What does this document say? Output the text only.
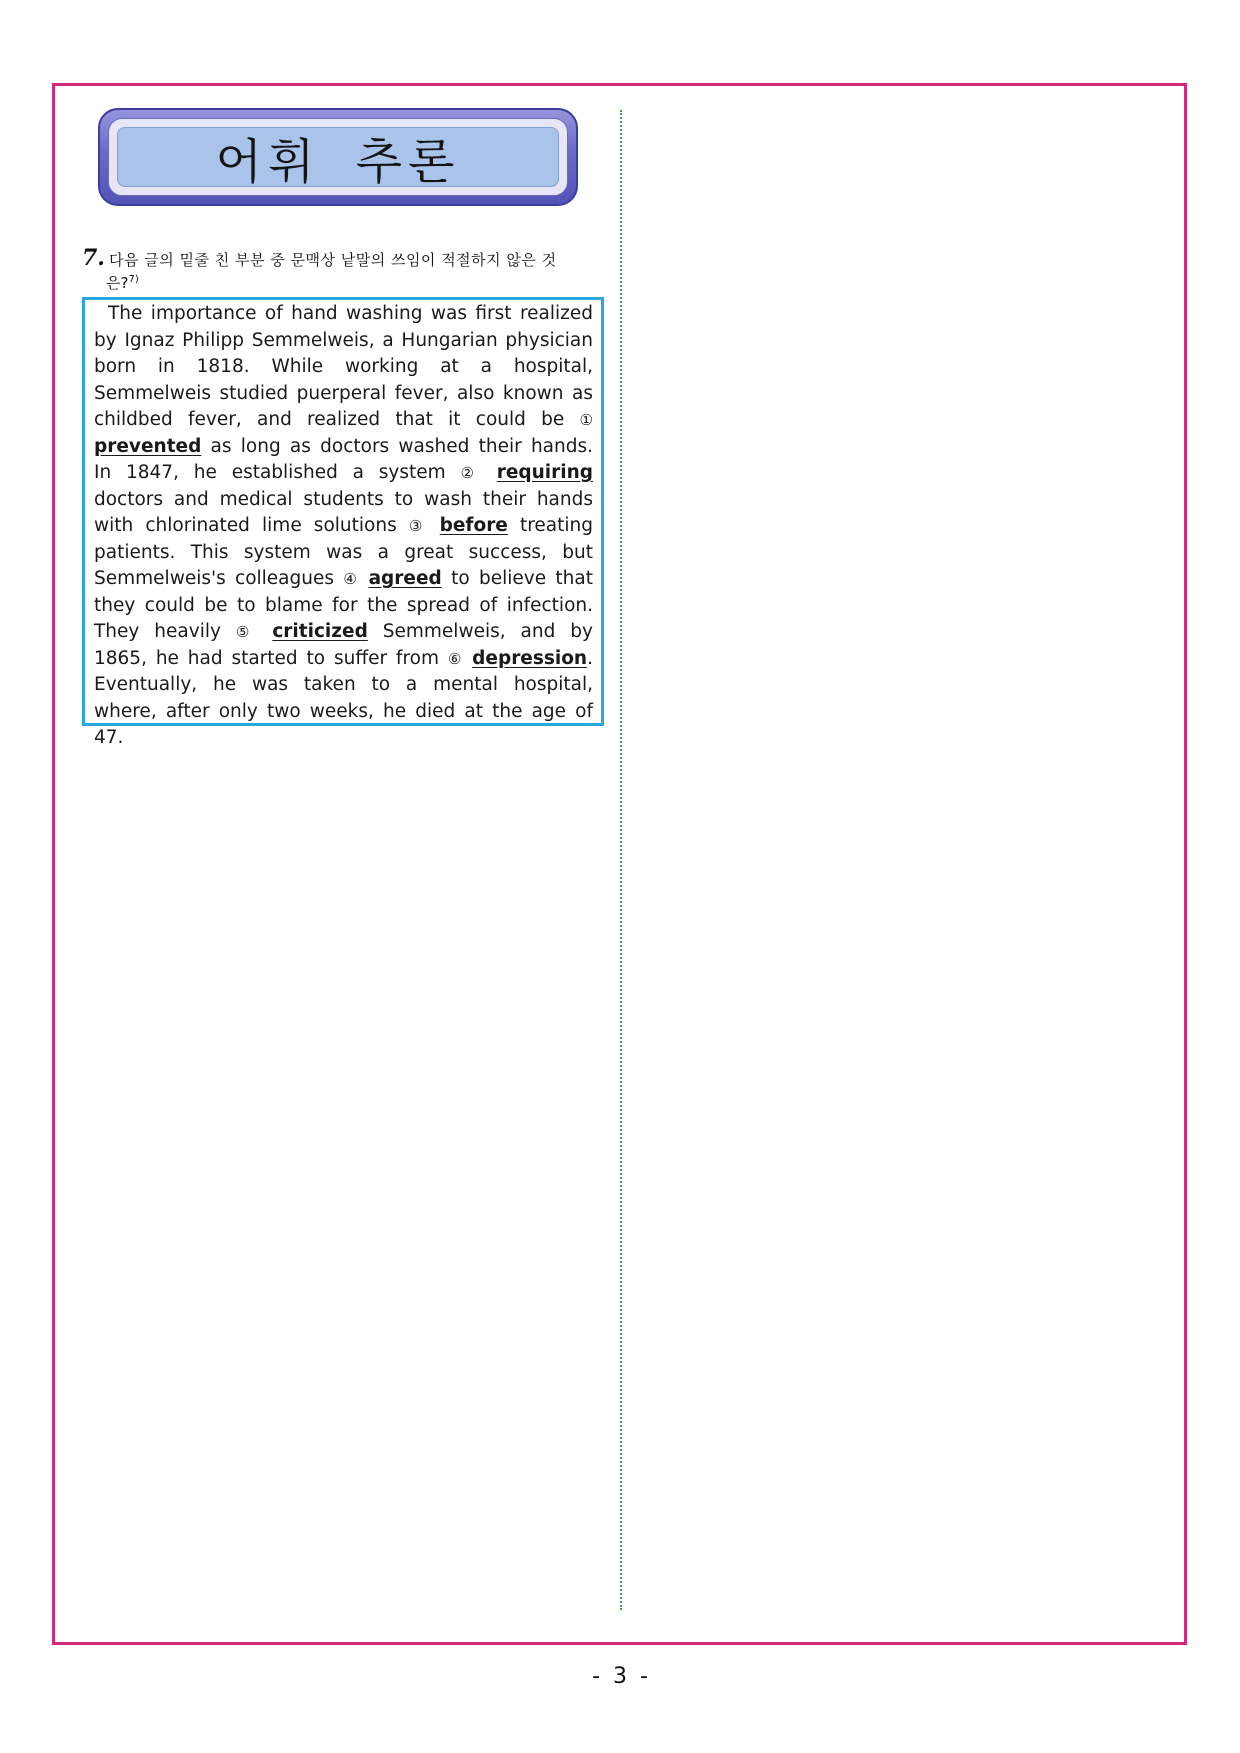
어휘 추론
7. 다음 글의 밑줄 친 부분 중 문맥상 낱말의 쓰임이 적절하지 않은 것
은?$^{7)}$

The importance of hand washing was first realized by Ignaz Philipp Semmelweis, a Hungarian physician born in 1818. While working at a hospital, Semmelweis studied puerperal fever, also known as childbed fever, and realized that it could be ① prevented as long as doctors washed their hands. In 1847, he established a system ② requiring doctors and medical students to wash their hands with chlorinated lime solutions ③ before treating patients. This system was a great success, but Semmelweis's colleagues ④ agreed to believe that they could be to blame for the spread of infection. They heavily ⑤ criticized Semmelweis, and by 1865, he had started to suffer from ⑥ depression. Eventually, he was taken to a mental hospital, where, after only two weeks, he died at the age of 47.

- 3 -
